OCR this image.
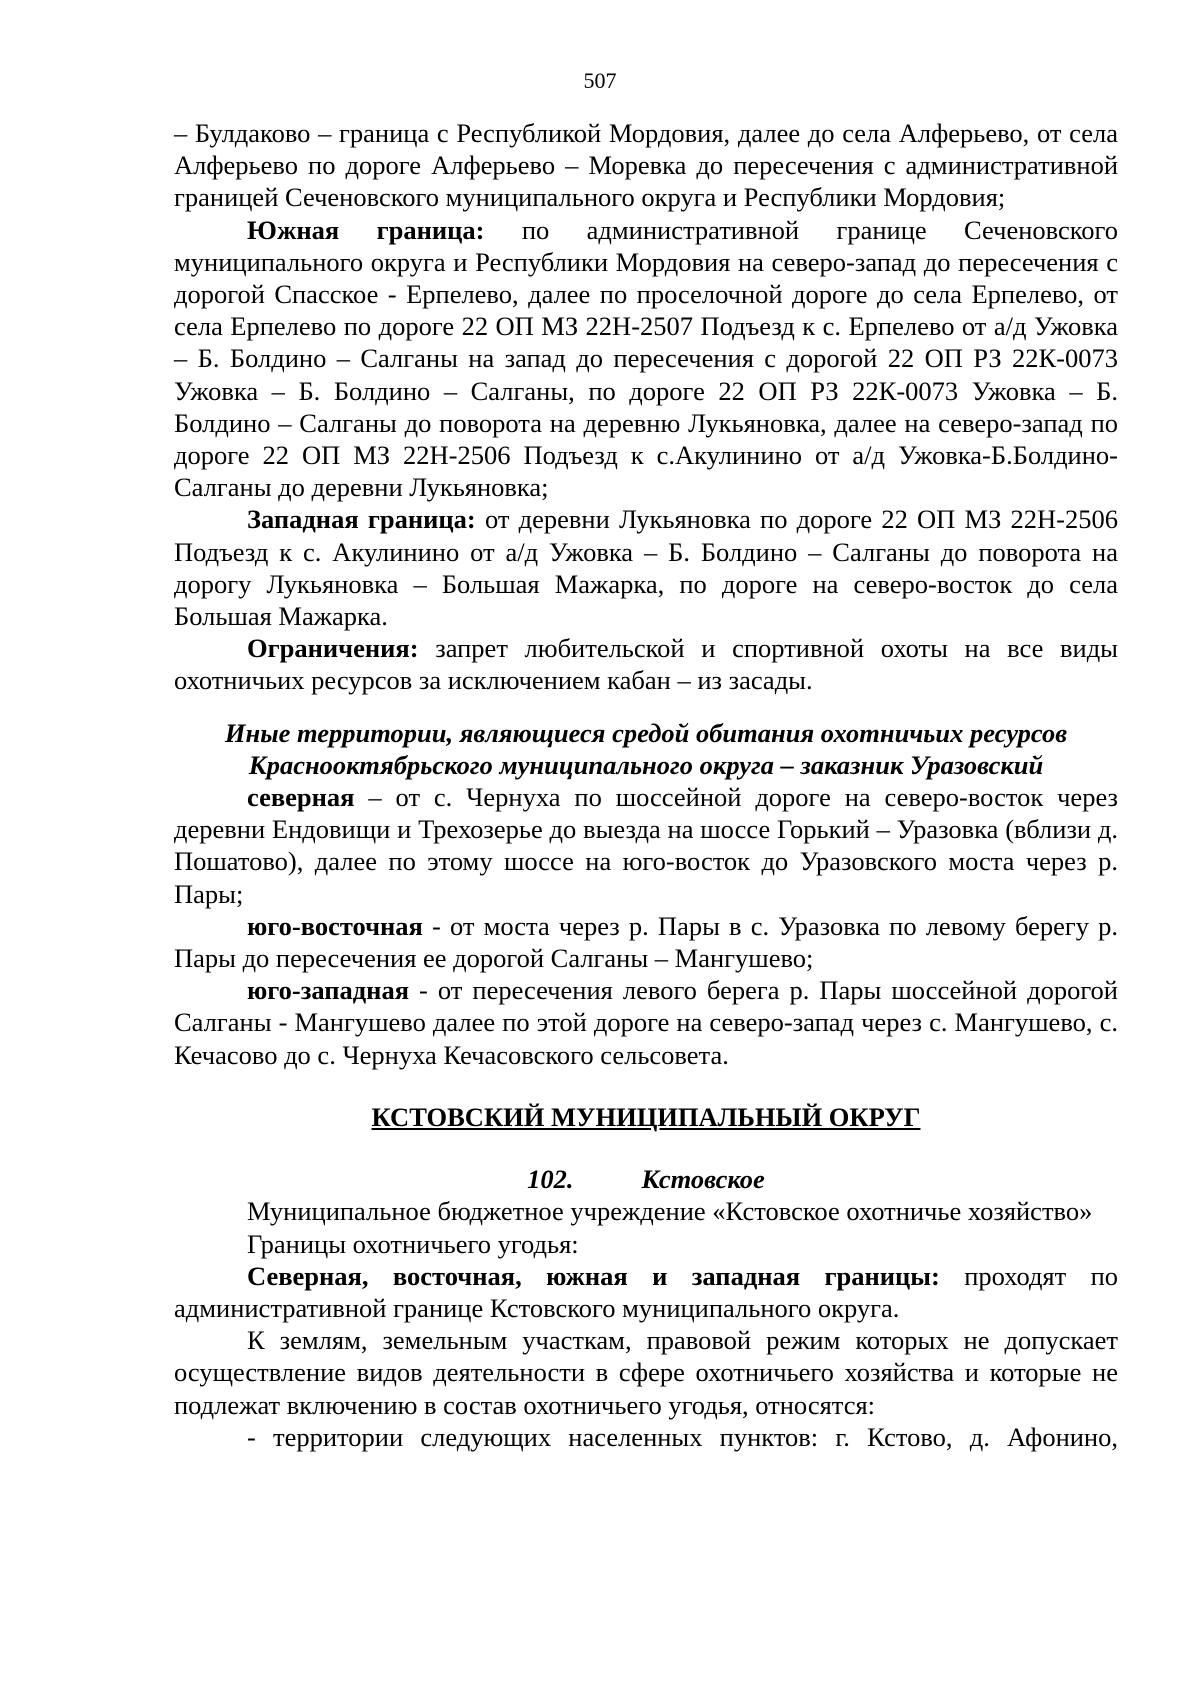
507

– Булдаково – граница с Республикой Мордовия, далее до села Алферьево, от села Алферьево по дороге Алферьево – Моревка до пересечения с административной границей Сеченовского муниципального округа и Республики Мордовия;

Южная граница: по административной границе Сеченовского муниципального округа и Республики Мордовия на северо-запад до пересечения с дорогой Спасское - Ерпелево, далее по проселочной дороге до села Ерпелево, от села Ерпелево по дороге 22 ОП МЗ 22Н-2507 Подъезд к с. Ерпелево от а/д Ужовка – Б. Болдино – Салганы на запад до пересечения с дорогой 22 ОП РЗ 22К-0073 Ужовка – Б. Болдино – Салганы, по дороге 22 ОП РЗ 22К-0073 Ужовка – Б. Болдино – Салганы до поворота на деревню Лукьяновка, далее на северо-запад по дороге 22 ОП МЗ 22Н-2506 Подъезд к с.Акулинино от а/д Ужовка-Б.Болдино-Салганы до деревни Лукьяновка;

Западная граница: от деревни Лукьяновка по дороге 22 ОП МЗ 22Н-2506 Подъезд к с. Акулинино от а/д Ужовка – Б. Болдино – Салганы до поворота на дорогу Лукьяновка – Большая Мажарка, по дороге на северо-восток до села Большая Мажарка.

Ограничения: запрет любительской и спортивной охоты на все виды охотничьих ресурсов за исключением кабан – из засады.

Иные территории, являющиеся средой обитания охотничьих ресурсов
Краснооктябрьского муниципального округа – заказник Уразовский

северная – от с. Чернуха по шоссейной дороге на северо-восток через деревни Ендовищи и Трехозерье до выезда на шоссе Горький – Уразовка (вблизи д. Пошатово), далее по этому шоссе на юго-восток до Уразовского моста через р. Пары;

юго-восточная - от моста через р. Пары в с. Уразовка по левому берегу р. Пары до пересечения ее дорогой Салганы – Мангушево;

юго-западная - от пересечения левого берега р. Пары шоссейной дорогой Салганы - Мангушево далее по этой дороге на северо-запад через с. Мангушево, с. Кечасово до с. Чернуха Кечасовского сельсовета.

КСТОВСКИЙ МУНИЦИПАЛЬНЫЙ ОКРУГ
102.	Кстовское

Муниципальное бюджетное учреждение «Кстовское охотничье хозяйство»

Границы охотничьего угодья:

Северная, восточная, южная и западная границы: проходят по административной границе Кстовского муниципального округа.

К землям, земельным участкам, правовой режим которых не допускает осуществление видов деятельности в сфере охотничьего хозяйства и которые не подлежат включению в состав охотничьего угодья, относятся:

- территории следующих населенных пунктов: г. Кстово, д. Афонино,
